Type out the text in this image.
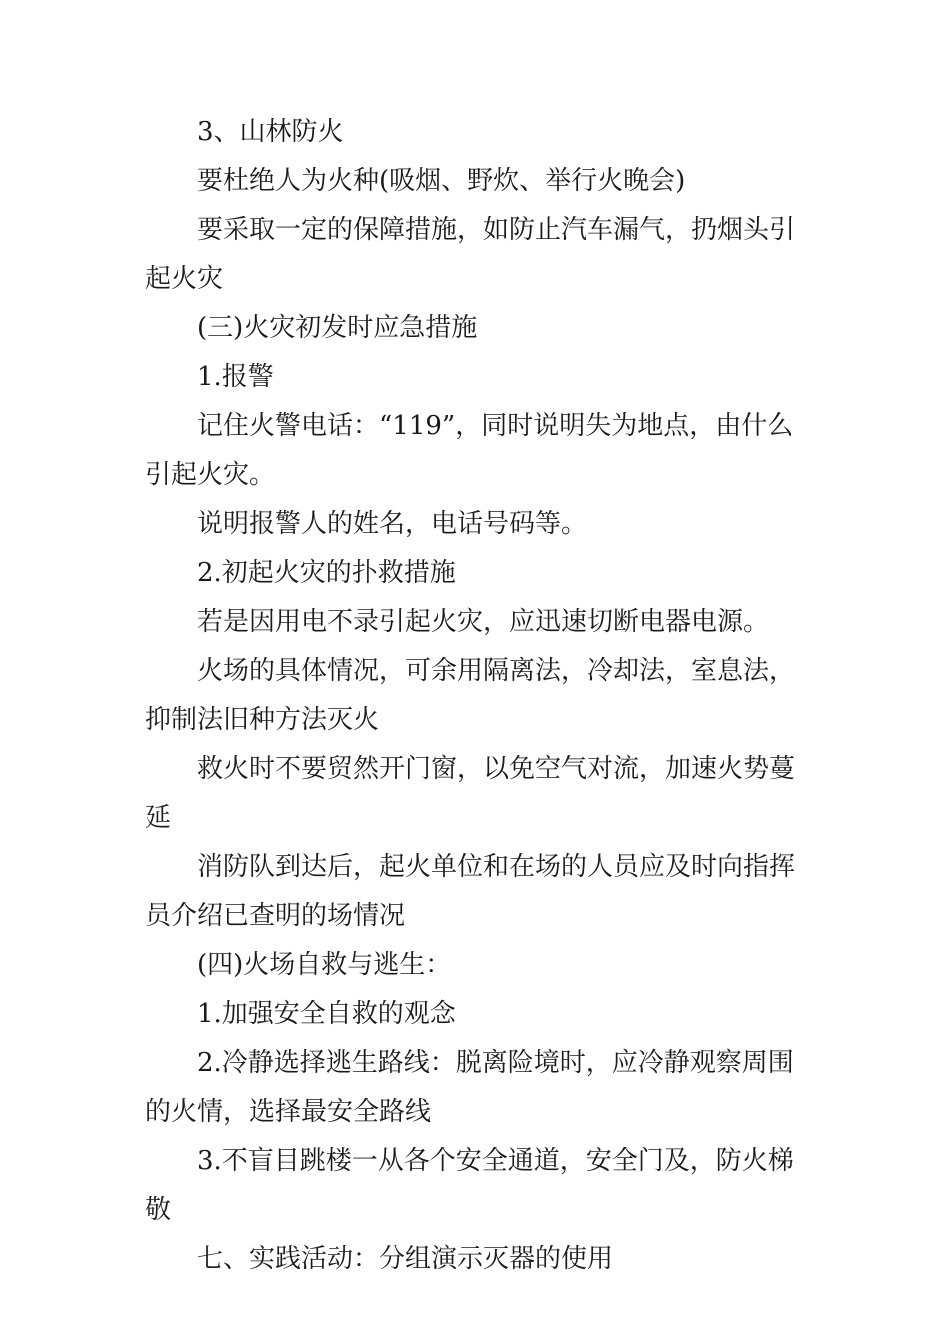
3、山林防火

要杜绝人为火种(吸烟、野炊、举行火晚会)

要采取一定的保障措施，如防止汽车漏气，扔烟头引起火灾

(三)火灾初发时应急措施

1.报警

记住火警电话：“119”，同时说明失为地点，由什么引起火灾。

说明报警人的姓名，电话号码等。

2.初起火灾的扑救措施

若是因用电不录引起火灾，应迅速切断电器电源。

火场的具体情况，可余用隔离法，冷却法，室息法，抑制法旧种方法灭火

救火时不要贸然开门窗，以免空气对流，加速火势蔓延

消防队到达后，起火单位和在场的人员应及时向指挥员介绍已查明的场情况

(四)火场自救与逃生：

1.加强安全自救的观念

2.冷静选择逃生路线：脱离险境时，应冷静观察周围的火情，选择最安全路线

3.不盲目跳楼一从各个安全通道，安全门及，防火梯敬

七、实践活动：分组演示灭器的使用
